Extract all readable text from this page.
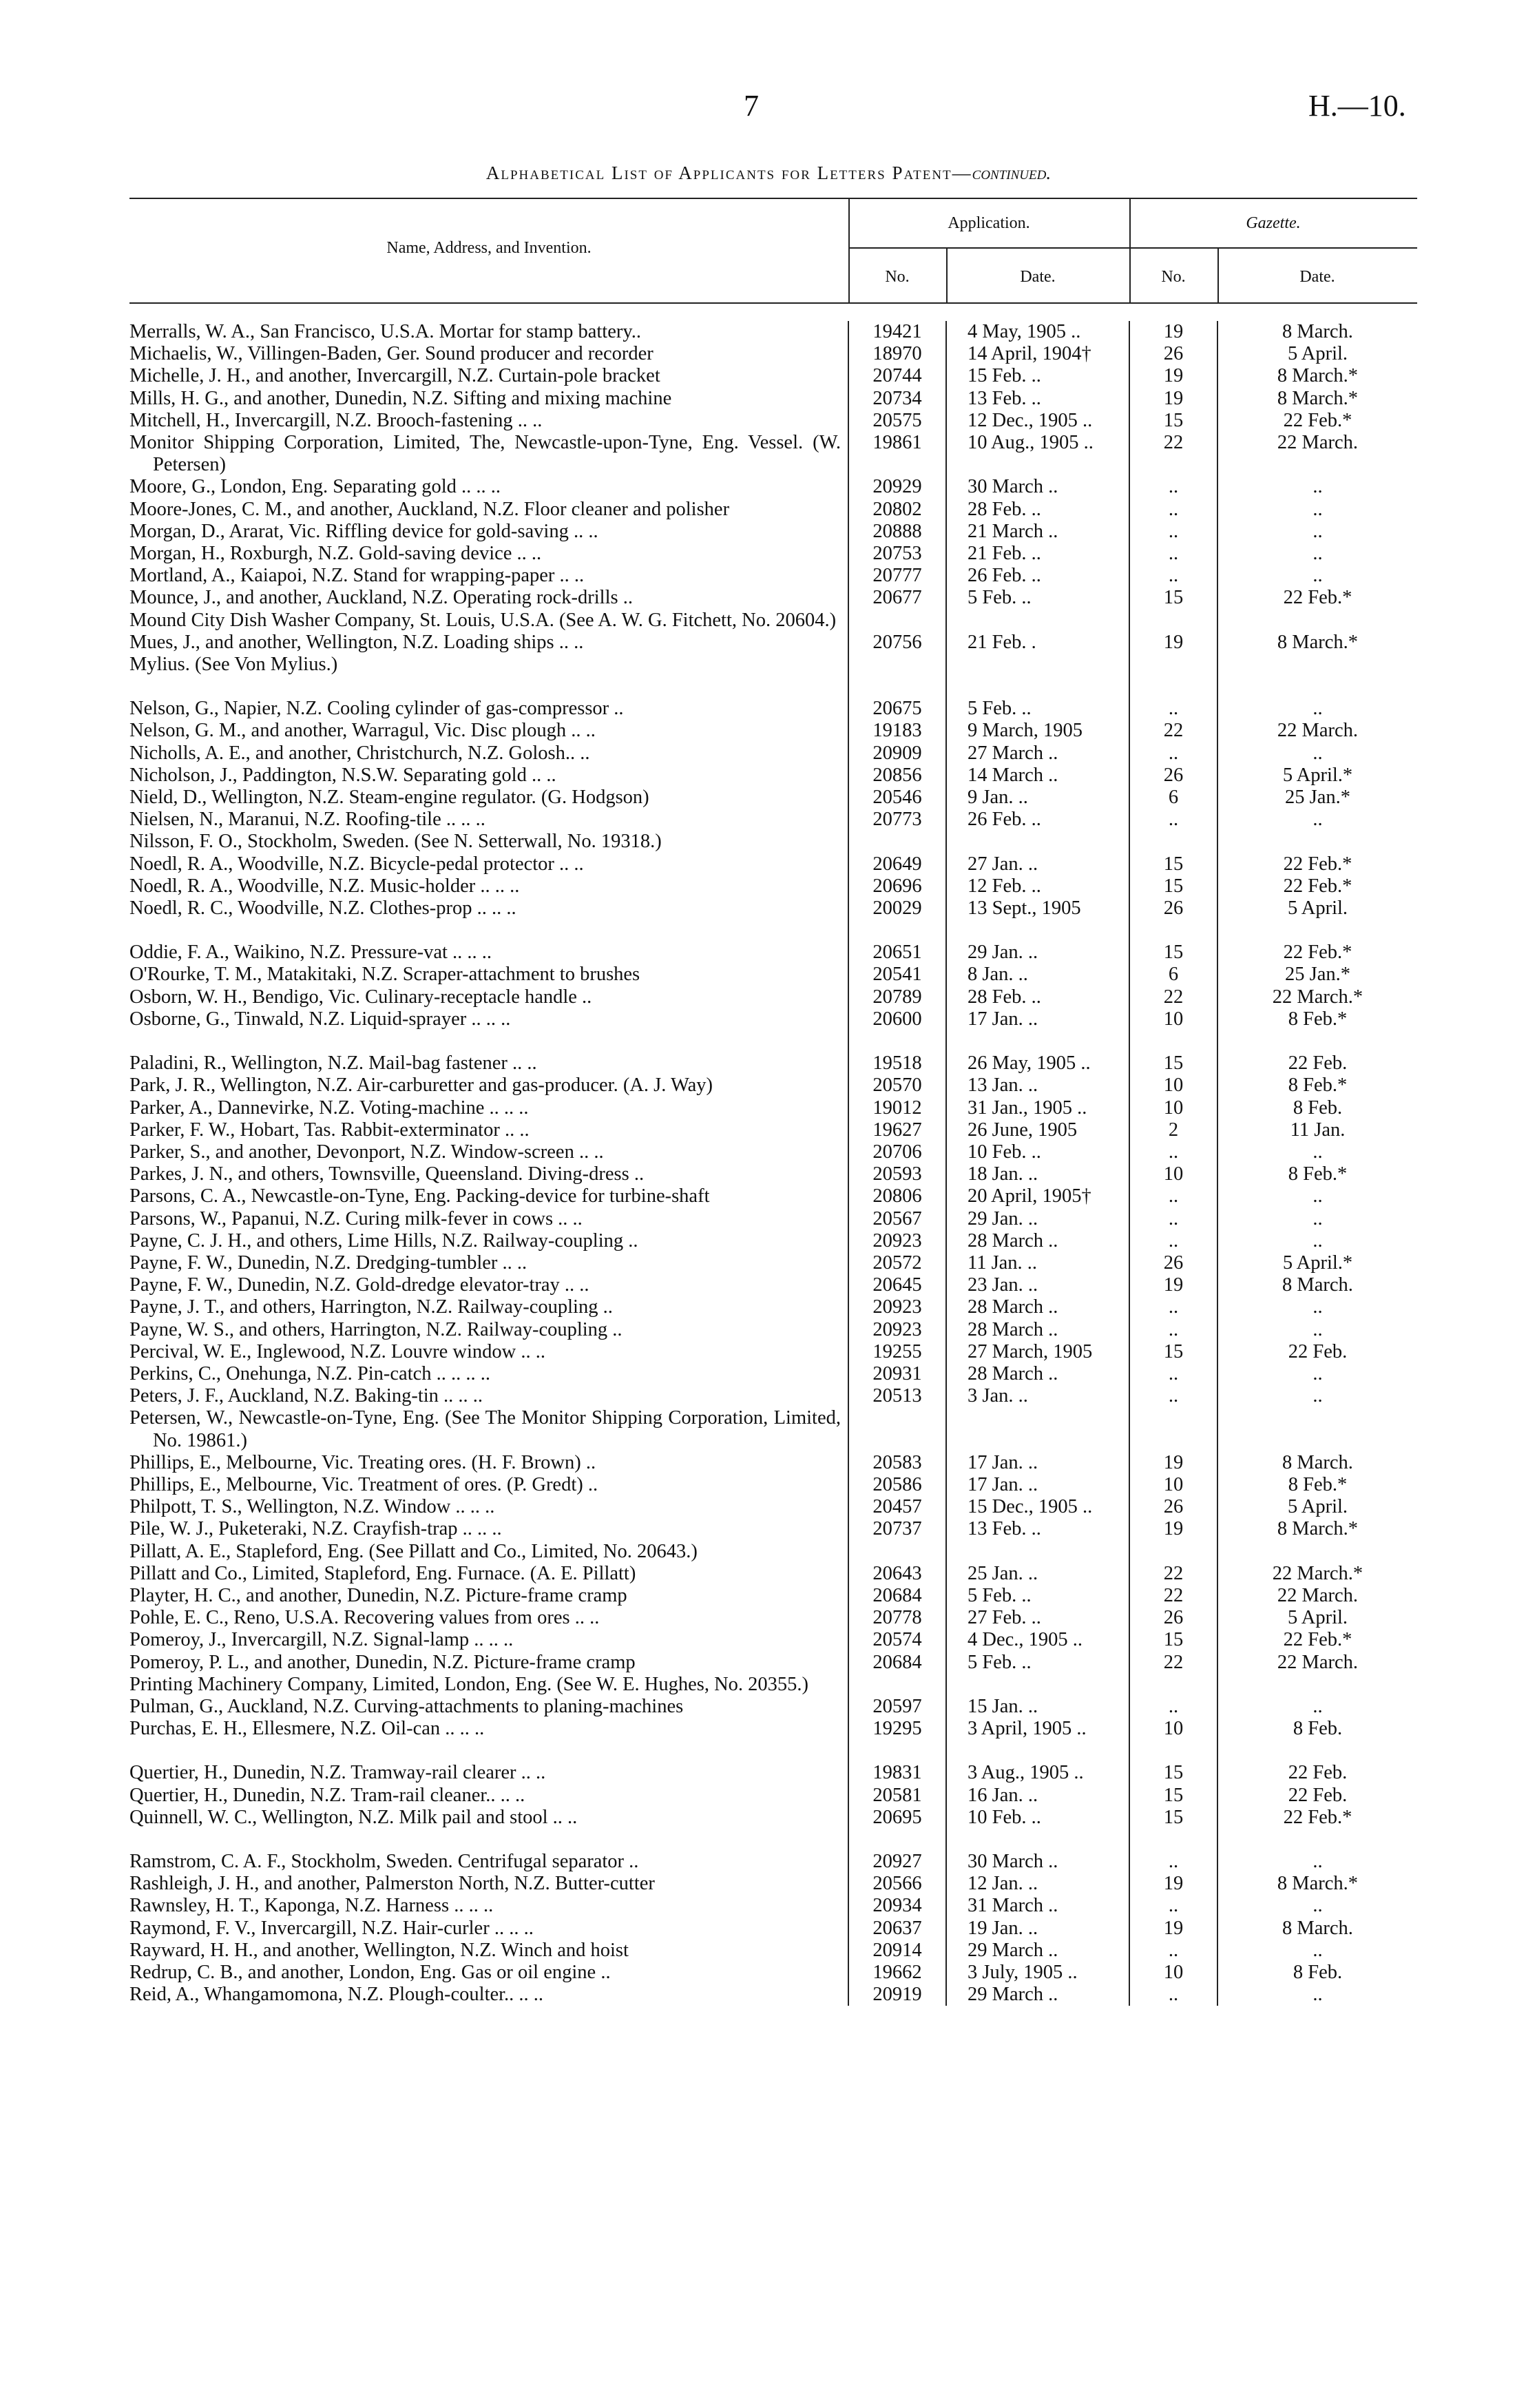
7	H.—10.
Alphabetical List of Applicants for Letters Patent—continued.
Name, Address, and Invention.
Application.	Gazette.
No.	Date.	No.	Date.
Merralls, W. A., San Francisco, U.S.A. Mortar for stamp battery..	19421	4 May, 1905 ..	19	8 March.

Michaelis, W., Villingen-Baden, Ger. Sound producer and recorder	18970	14 April, 1904†	26	5 April.

Michelle, J. H., and another, Invercargill, N.Z. Curtain-pole bracket	20744	15 Feb. ..	19	8 March.*

Mills, H. G., and another, Dunedin, N.Z. Sifting and mixing machine	20734	13 Feb. ..	19	8 March.*

Mitchell, H., Invercargill, N.Z. Brooch-fastening .. ..	20575	12 Dec., 1905 ..	15	22 Feb.*

Monitor Shipping Corporation, Limited, The, Newcastle-upon-Tyne, Eng. Vessel. (W. Petersen)	19861	10 Aug., 1905 ..	22	22 March.

Moore, G., London, Eng. Separating gold .. .. ..	20929	30 March ..	..	..

Moore-Jones, C. M., and another, Auckland, N.Z. Floor cleaner and polisher	20802	28 Feb. ..	..	..

Morgan, D., Ararat, Vic. Riffling device for gold-saving .. ..	20888	21 March ..	..	..

Morgan, H., Roxburgh, N.Z. Gold-saving device .. ..	20753	21 Feb. ..	..	..

Mortland, A., Kaiapoi, N.Z. Stand for wrapping-paper .. ..	20777	26 Feb. ..	..	..

Mounce, J., and another, Auckland, N.Z. Operating rock-drills ..	20677	5 Feb. ..	15	22 Feb.*

Mound City Dish Washer Company, St. Louis, U.S.A. (See A. W. G. Fitchett, No. 20604.)				

Mues, J., and another, Wellington, N.Z. Loading ships .. ..	20756	21 Feb. .	19	8 March.*

Mylius. (See Von Mylius.)				

Nelson, G., Napier, N.Z. Cooling cylinder of gas-compressor ..	20675	5 Feb. ..	..	..

Nelson, G. M., and another, Warragul, Vic. Disc plough .. ..	19183	9 March, 1905	22	22 March.

Nicholls, A. E., and another, Christchurch, N.Z. Golosh.. ..	20909	27 March ..	..	..

Nicholson, J., Paddington, N.S.W. Separating gold .. ..	20856	14 March ..	26	5 April.*

Nield, D., Wellington, N.Z. Steam-engine regulator. (G. Hodgson)	20546	9 Jan. ..	6	25 Jan.*

Nielsen, N., Maranui, N.Z. Roofing-tile .. .. ..	20773	26 Feb. ..	..	..

Nilsson, F. O., Stockholm, Sweden. (See N. Setterwall, No. 19318.)				

Noedl, R. A., Woodville, N.Z. Bicycle-pedal protector .. ..	20649	27 Jan. ..	15	22 Feb.*

Noedl, R. A., Woodville, N.Z. Music-holder .. .. ..	20696	12 Feb. ..	15	22 Feb.*

Noedl, R. C., Woodville, N.Z. Clothes-prop .. .. ..	20029	13 Sept., 1905	26	5 April.

Oddie, F. A., Waikino, N.Z. Pressure-vat .. .. ..	20651	29 Jan. ..	15	22 Feb.*

O'Rourke, T. M., Matakitaki, N.Z. Scraper-attachment to brushes	20541	8 Jan. ..	6	25 Jan.*

Osborn, W. H., Bendigo, Vic. Culinary-receptacle handle ..	20789	28 Feb. ..	22	22 March.*

Osborne, G., Tinwald, N.Z. Liquid-sprayer .. .. ..	20600	17 Jan. ..	10	8 Feb.*

Paladini, R., Wellington, N.Z. Mail-bag fastener .. ..	19518	26 May, 1905 ..	15	22 Feb.

Park, J. R., Wellington, N.Z. Air-carburetter and gas-producer. (A. J. Way)	20570	13 Jan. ..	10	8 Feb.*

Parker, A., Dannevirke, N.Z. Voting-machine .. .. ..	19012	31 Jan., 1905 ..	10	8 Feb.

Parker, F. W., Hobart, Tas. Rabbit-exterminator .. ..	19627	26 June, 1905	2	11 Jan.

Parker, S., and another, Devonport, N.Z. Window-screen .. ..	20706	10 Feb. ..	..	..

Parkes, J. N., and others, Townsville, Queensland. Diving-dress ..	20593	18 Jan. ..	10	8 Feb.*

Parsons, C. A., Newcastle-on-Tyne, Eng. Packing-device for turbine-shaft	20806	20 April, 1905†	..	..

Parsons, W., Papanui, N.Z. Curing milk-fever in cows .. ..	20567	29 Jan. ..	..	..

Payne, C. J. H., and others, Lime Hills, N.Z. Railway-coupling ..	20923	28 March ..	..	..

Payne, F. W., Dunedin, N.Z. Dredging-tumbler .. ..	20572	11 Jan. ..	26	5 April.*

Payne, F. W., Dunedin, N.Z. Gold-dredge elevator-tray .. ..	20645	23 Jan. ..	19	8 March.

Payne, J. T., and others, Harrington, N.Z. Railway-coupling ..	20923	28 March ..	..	..

Payne, W. S., and others, Harrington, N.Z. Railway-coupling ..	20923	28 March ..	..	..

Percival, W. E., Inglewood, N.Z. Louvre window .. ..	19255	27 March, 1905	15	22 Feb.

Perkins, C., Onehunga, N.Z. Pin-catch .. .. .. ..	20931	28 March ..	..	..

Peters, J. F., Auckland, N.Z. Baking-tin .. .. ..	20513	3 Jan. ..	..	..

Petersen, W., Newcastle-on-Tyne, Eng. (See The Monitor Shipping Corporation, Limited, No. 19861.)				

Phillips, E., Melbourne, Vic. Treating ores. (H. F. Brown) ..	20583	17 Jan. ..	19	8 March.

Phillips, E., Melbourne, Vic. Treatment of ores. (P. Gredt) ..	20586	17 Jan. ..	10	8 Feb.*

Philpott, T. S., Wellington, N.Z. Window .. .. ..	20457	15 Dec., 1905 ..	26	5 April.

Pile, W. J., Puketeraki, N.Z. Crayfish-trap .. .. ..	20737	13 Feb. ..	19	8 March.*

Pillatt, A. E., Stapleford, Eng. (See Pillatt and Co., Limited, No. 20643.)				

Pillatt and Co., Limited, Stapleford, Eng. Furnace. (A. E. Pillatt)	20643	25 Jan. ..	22	22 March.*

Playter, H. C., and another, Dunedin, N.Z. Picture-frame cramp	20684	5 Feb. ..	22	22 March.

Pohle, E. C., Reno, U.S.A. Recovering values from ores .. ..	20778	27 Feb. ..	26	5 April.

Pomeroy, J., Invercargill, N.Z. Signal-lamp .. .. ..	20574	4 Dec., 1905 ..	15	22 Feb.*

Pomeroy, P. L., and another, Dunedin, N.Z. Picture-frame cramp	20684	5 Feb. ..	22	22 March.

Printing Machinery Company, Limited, London, Eng. (See W. E. Hughes, No. 20355.)				

Pulman, G., Auckland, N.Z. Curving-attachments to planing-machines	20597	15 Jan. ..	..	..

Purchas, E. H., Ellesmere, N.Z. Oil-can .. .. ..	19295	3 April, 1905 ..	10	8 Feb.

Quertier, H., Dunedin, N.Z. Tramway-rail clearer .. ..	19831	3 Aug., 1905 ..	15	22 Feb.

Quertier, H., Dunedin, N.Z. Tram-rail cleaner.. .. ..	20581	16 Jan. ..	15	22 Feb.

Quinnell, W. C., Wellington, N.Z. Milk pail and stool .. ..	20695	10 Feb. ..	15	22 Feb.*

Ramstrom, C. A. F., Stockholm, Sweden. Centrifugal separator ..	20927	30 March ..	..	..

Rashleigh, J. H., and another, Palmerston North, N.Z. Butter-cutter	20566	12 Jan. ..	19	8 March.*

Rawnsley, H. T., Kaponga, N.Z. Harness .. .. ..	20934	31 March ..	..	..

Raymond, F. V., Invercargill, N.Z. Hair-curler .. .. ..	20637	19 Jan. ..	19	8 March.

Rayward, H. H., and another, Wellington, N.Z. Winch and hoist	20914	29 March ..	..	..

Redrup, C. B., and another, London, Eng. Gas or oil engine ..	19662	3 July, 1905 ..	10	8 Feb.

Reid, A., Whangamomona, N.Z. Plough-coulter.. .. ..	20919	29 March ..	..	..
